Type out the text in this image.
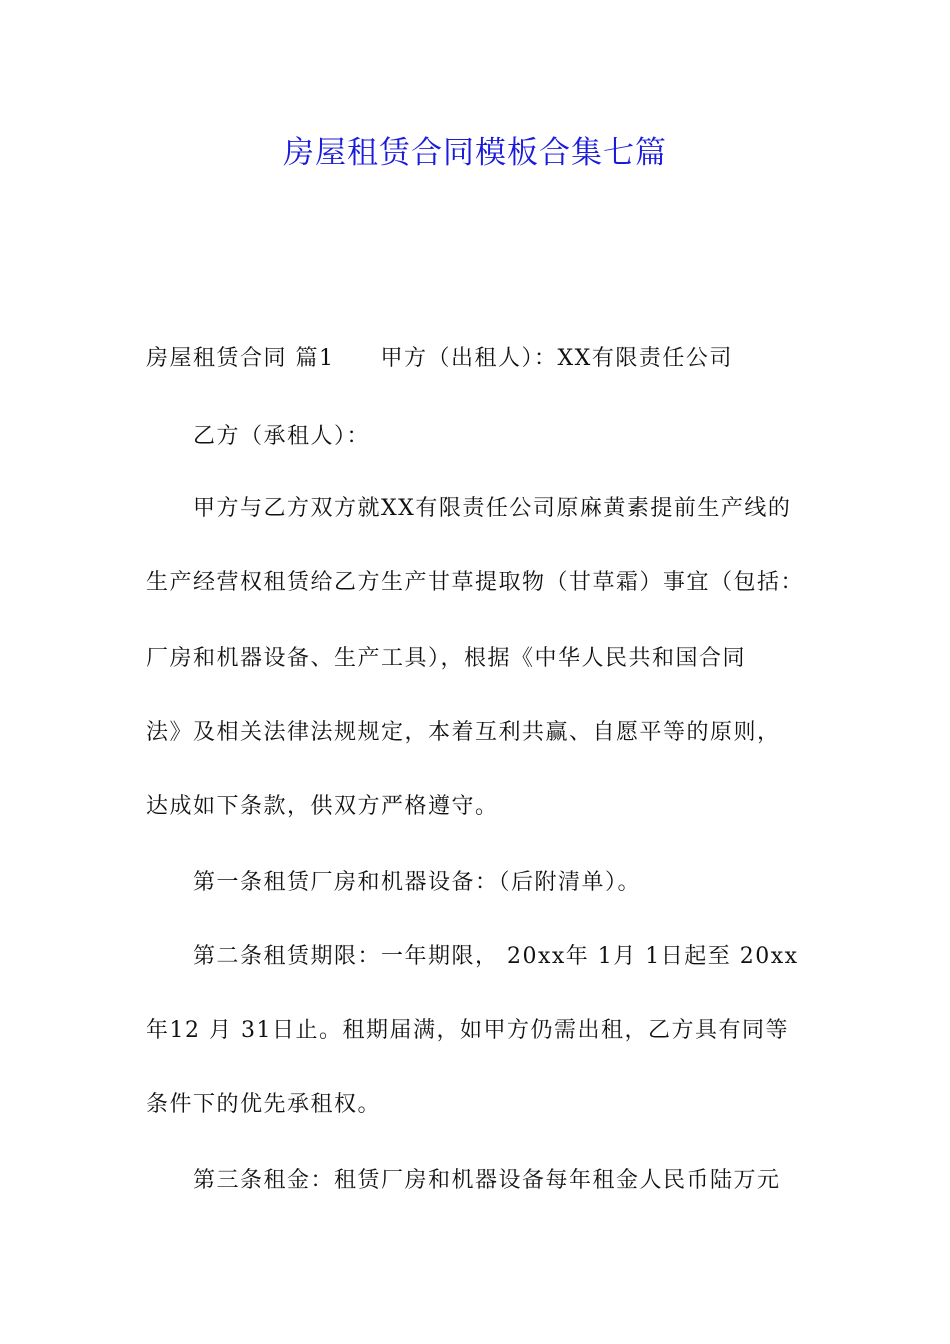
房屋租赁合同模板合集七篇
房屋租赁合同 篇1 甲方（出租人）：XX有限责任公司
乙方（承租人）：
甲方与乙方双方就XX有限责任公司原麻黄素提前生产线的
生产经营权租赁给乙方生产甘草提取物（甘草霜）事宜（包括：
厂房和机器设备、生产工具），根据《中华人民共和国合同
法》及相关法律法规规定，本着互利共赢、自愿平等的原则，
达成如下条款，供双方严格遵守。
第一条租赁厂房和机器设备：（后附清单）。
第二条租赁期限：一年期限， 20xx年 1月 1日起至 20xx
年12 月 31日止。租期届满，如甲方仍需出租，乙方具有同等
条件下的优先承租权。
第三条租金：租赁厂房和机器设备每年租金人民币陆万元
